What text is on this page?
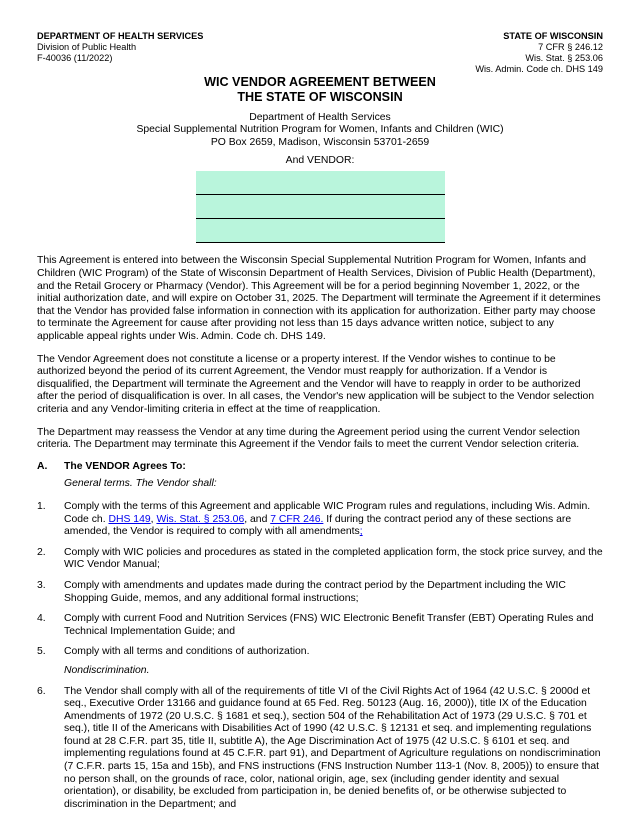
DEPARTMENT OF HEALTH SERVICES
Division of Public Health
F-40036 (11/2022)
STATE OF WISCONSIN
7 CFR § 246.12
Wis. Stat. § 253.06
Wis. Admin. Code ch. DHS 149
WIC VENDOR AGREEMENT BETWEEN
THE STATE OF WISCONSIN
Department of Health Services
Special Supplemental Nutrition Program for Women, Infants and Children (WIC)
PO Box 2659, Madison, Wisconsin 53701-2659
And VENDOR:

This Agreement is entered into between the Wisconsin Special Supplemental Nutrition Program for Women, Infants and Children (WIC Program) of the State of Wisconsin Department of Health Services, Division of Public Health (Department), and the Retail Grocery or Pharmacy (Vendor). This Agreement will be for a period beginning November 1, 2022, or the initial authorization date, and will expire on October 31, 2025. The Department will terminate the Agreement if it determines that the Vendor has provided false information in connection with its application for authorization. Either party may choose to terminate the Agreement for cause after providing not less than 15 days advance written notice, subject to any applicable appeal rights under Wis. Admin. Code ch. DHS 149.

The Vendor Agreement does not constitute a license or a property interest. If the Vendor wishes to continue to be authorized beyond the period of its current Agreement, the Vendor must reapply for authorization. If a Vendor is disqualified, the Department will terminate the Agreement and the Vendor will have to reapply in order to be authorized after the period of disqualification is over. In all cases, the Vendor's new application will be subject to the Vendor selection criteria and any Vendor-limiting criteria in effect at the time of reapplication.

The Department may reassess the Vendor at any time during the Agreement period using the current Vendor selection criteria. The Department may terminate this Agreement if the Vendor fails to meet the current Vendor selection criteria.

A. The VENDOR Agrees To:
General terms. The Vendor shall:
1. Comply with the terms of this Agreement and applicable WIC Program rules and regulations, including Wis. Admin. Code ch. DHS 149, Wis. Stat. § 253.06, and 7 CFR 246. If during the contract period any of these sections are amended, the Vendor is required to comply with all amendments;
2. Comply with WIC policies and procedures as stated in the completed application form, the stock price survey, and the WIC Vendor Manual;
3. Comply with amendments and updates made during the contract period by the Department including the WIC Shopping Guide, memos, and any additional formal instructions;
4. Comply with current Food and Nutrition Services (FNS) WIC Electronic Benefit Transfer (EBT) Operating Rules and Technical Implementation Guide; and
5. Comply with all terms and conditions of authorization.
Nondiscrimination.
6. The Vendor shall comply with all of the requirements of title VI of the Civil Rights Act of 1964 (42 U.S.C. § 2000d et seq., Executive Order 13166 and guidance found at 65 Fed. Reg. 50123 (Aug. 16, 2000)), title IX of the Education Amendments of 1972 (20 U.S.C. § 1681 et seq.), section 504 of the Rehabilitation Act of 1973 (29 U.S.C. § 701 et seq.), title II of the Americans with Disabilities Act of 1990 (42 U.S.C. § 12131 et seq. and implementing regulations found at 28 C.F.R. part 35, title II, subtitle A), the Age Discrimination Act of 1975 (42 U.S.C. § 6101 et seq. and implementing regulations found at 45 C.F.R. part 91), and Department of Agriculture regulations on nondiscrimination (7 C.F.R. parts 15, 15a and 15b), and FNS instructions (FNS Instruction Number 113-1 (Nov. 8, 2005)) to ensure that no person shall, on the grounds of race, color, national origin, age, sex (including gender identity and sexual orientation), or disability, be excluded from participation in, be denied benefits of, or be otherwise subjected to discrimination in the Department; and
